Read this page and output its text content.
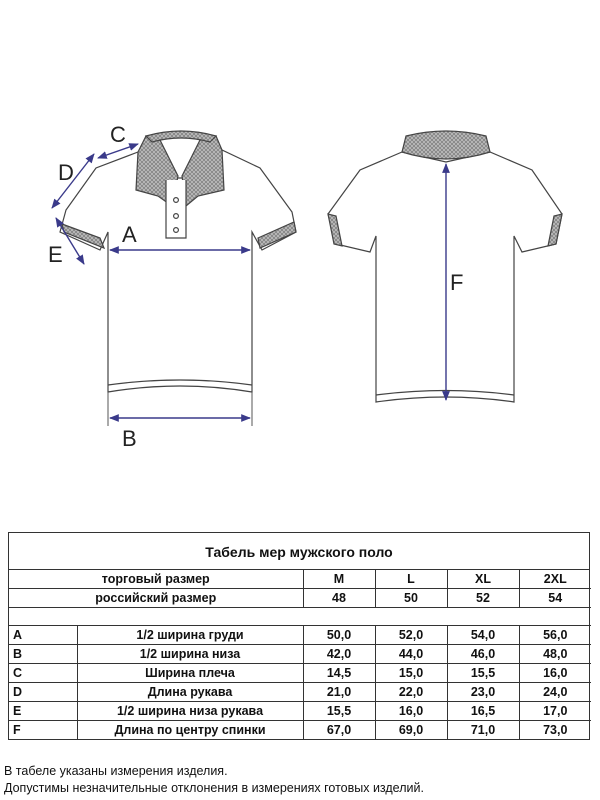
C
D
E
A
B
F
Табель мер мужского поло
торговый размер		M	L	XL	2XL
российский размер		48	50	52	54

A	1/2 ширина груди	50,0	52,0	54,0	56,0
B	1/2 ширина низа	42,0	44,0	46,0	48,0
C	Ширина плеча	14,5	15,0	15,5	16,0
D	Длина рукава	21,0	22,0	23,0	24,0
E	1/2 ширина низа рукава	15,5	16,0	16,5	17,0
F	Длина по центру спинки	67,0	69,0	71,0	73,0
В табеле указаны измерения изделия.
Допустимы незначительные отклонения в измерениях готовых изделий.
